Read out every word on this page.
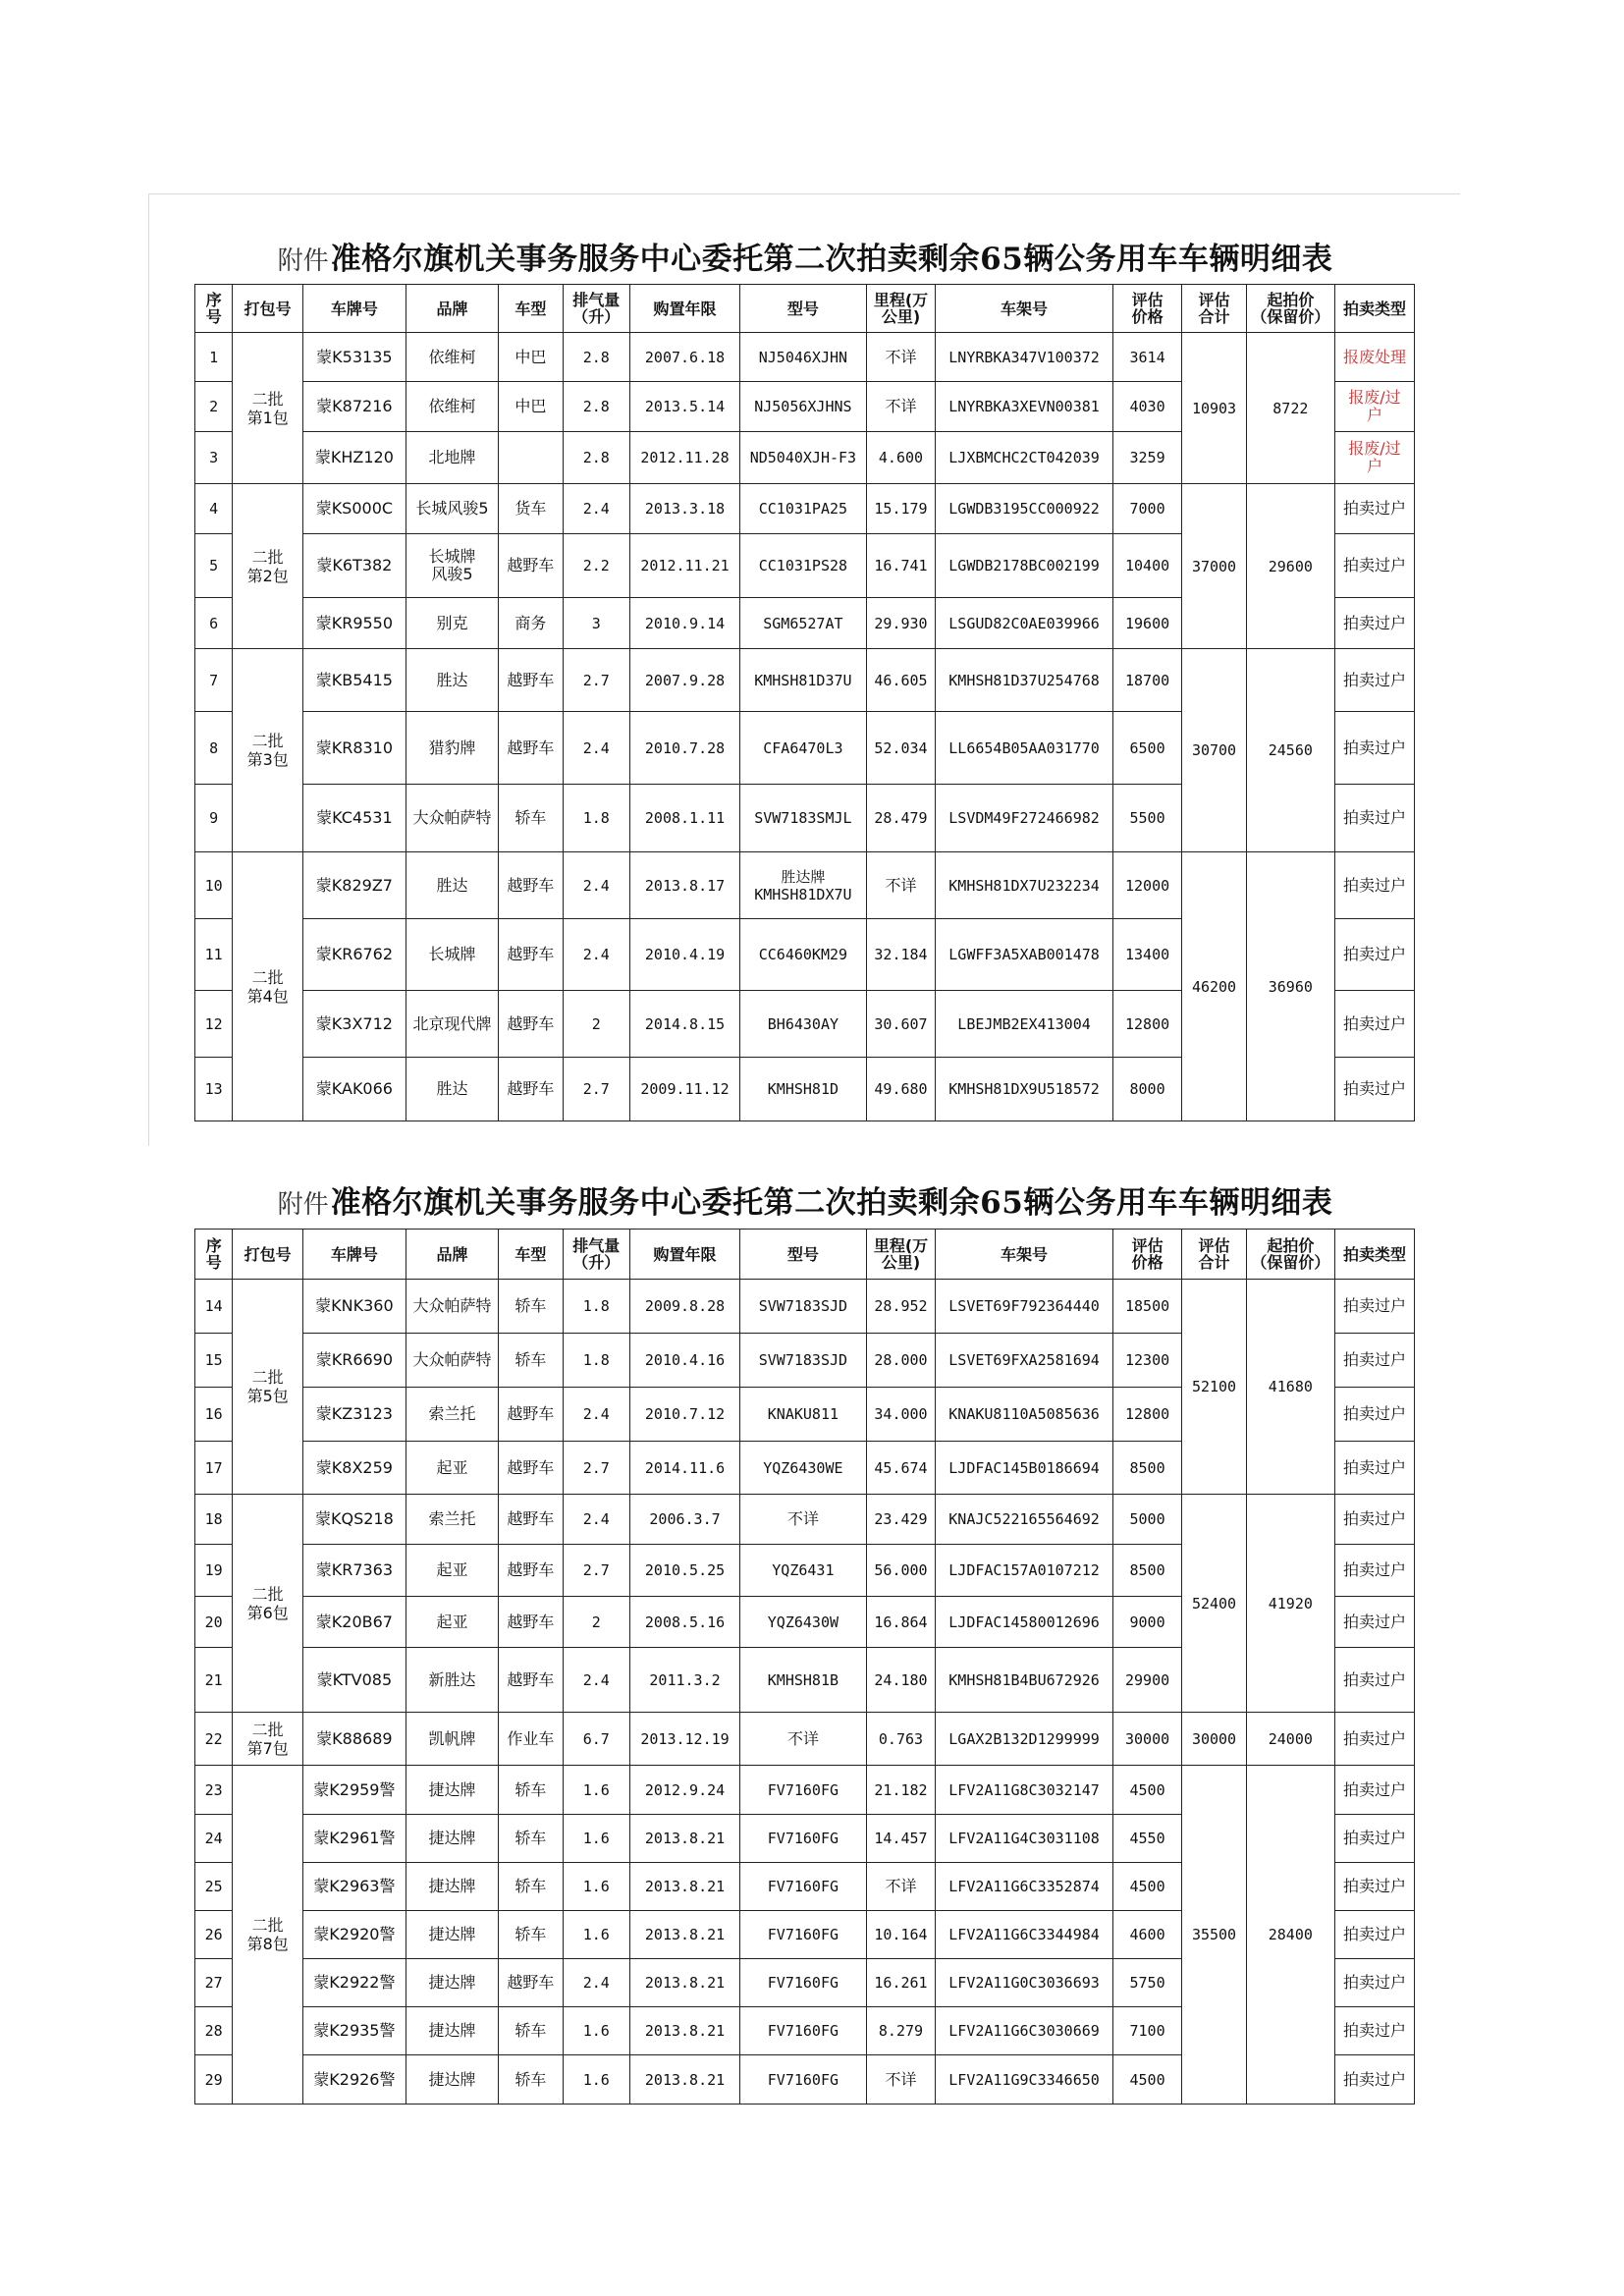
附件准格尔旗机关事务服务中心委托第二次拍卖剩余65辆公务用车车辆明细表
序
号	打包号	车牌号	品牌	车型	排气量
（升）	购置年限	型号	里程(万
公里)	车架号	评估
价格	评估
合计	起拍价
（保留价）	拍卖类型
1	二批
第1包	蒙K53135	依维柯	中巴	2.8	2007.6.18	NJ5046XJHN	不详	LNYRBKA347V100372	3614	10903	8722	报废处理
2		蒙K87216	依维柯	中巴	2.8	2013.5.14	NJ5056XJHNS	不详	LNYRBKA3XEVN00381	4030			报废/过
户
3		蒙KHZ120	北地牌		2.8	2012.11.28	ND5040XJH-F3	4.600	LJXBMCHC2CT042039	3259			报废/过
户
4	二批
第2包	蒙KS000C	长城风骏5	货车	2.4	2013.3.18	CC1031PA25	15.179	LGWDB3195CC000922	7000	37000	29600	拍卖过户
5		蒙K6T382	长城牌
风骏5	越野车	2.2	2012.11.21	CC1031PS28	16.741	LGWDB2178BC002199	10400			拍卖过户
6		蒙KR9550	别克	商务	3	2010.9.14	SGM6527AT	29.930	LSGUD82C0AE039966	19600			拍卖过户
7	二批
第3包	蒙KB5415	胜达	越野车	2.7	2007.9.28	KMHSH81D37U	46.605	KMHSH81D37U254768	18700	30700	24560	拍卖过户
8		蒙KR8310	猎豹牌	越野车	2.4	2010.7.28	CFA6470L3	52.034	LL6654B05AA031770	6500			拍卖过户
9		蒙KC4531	大众帕萨特	轿车	1.8	2008.1.11	SVW7183SMJL	28.479	LSVDM49F272466982	5500			拍卖过户
10	二批
第4包	蒙K829Z7	胜达	越野车	2.4	2013.8.17	胜达牌
KMHSH81DX7U	不详	KMHSH81DX7U232234	12000	46200	36960	拍卖过户
11		蒙KR6762	长城牌	越野车	2.4	2010.4.19	CC6460KM29	32.184	LGWFF3A5XAB001478	13400			拍卖过户
12		蒙K3X712	北京现代牌	越野车	2	2014.8.15	BH6430AY	30.607	LBEJMB2EX413004	12800			拍卖过户
13		蒙KAK066	胜达	越野车	2.7	2009.11.12	KMHSH81D	49.680	KMHSH81DX9U518572	8000			拍卖过户
附件准格尔旗机关事务服务中心委托第二次拍卖剩余65辆公务用车车辆明细表
序
号	打包号	车牌号	品牌	车型	排气量
（升）	购置年限	型号	里程(万
公里)	车架号	评估
价格	评估
合计	起拍价
（保留价）	拍卖类型
14	二批
第5包	蒙KNK360	大众帕萨特	轿车	1.8	2009.8.28	SVW7183SJD	28.952	LSVET69F792364440	18500	52100	41680	拍卖过户
15		蒙KR6690	大众帕萨特	轿车	1.8	2010.4.16	SVW7183SJD	28.000	LSVET69FXA2581694	12300			拍卖过户
16		蒙KZ3123	索兰托	越野车	2.4	2010.7.12	KNAKU811	34.000	KNAKU8110A5085636	12800			拍卖过户
17		蒙K8X259	起亚	越野车	2.7	2014.11.6	YQZ6430WE	45.674	LJDFAC145B0186694	8500			拍卖过户
18	二批
第6包	蒙KQS218	索兰托	越野车	2.4	2006.3.7	不详	23.429	KNAJC522165564692	5000	52400	41920	拍卖过户
19		蒙KR7363	起亚	越野车	2.7	2010.5.25	YQZ6431	56.000	LJDFAC157A0107212	8500			拍卖过户
20		蒙K20B67	起亚	越野车	2	2008.5.16	YQZ6430W	16.864	LJDFAC14580012696	9000			拍卖过户
21		蒙KTV085	新胜达	越野车	2.4	2011.3.2	KMHSH81B	24.180	KMHSH81B4BU672926	29900			拍卖过户
22	二批
第7包	蒙K88689	凯帆牌	作业车	6.7	2013.12.19	不详	0.763	LGAX2B132D1299999	30000	30000	24000	拍卖过户
23	二批
第8包	蒙K2959警	捷达牌	轿车	1.6	2012.9.24	FV7160FG	21.182	LFV2A11G8C3032147	4500	35500	28400	拍卖过户
24		蒙K2961警	捷达牌	轿车	1.6	2013.8.21	FV7160FG	14.457	LFV2A11G4C3031108	4550			拍卖过户
25		蒙K2963警	捷达牌	轿车	1.6	2013.8.21	FV7160FG	不详	LFV2A11G6C3352874	4500			拍卖过户
26		蒙K2920警	捷达牌	轿车	1.6	2013.8.21	FV7160FG	10.164	LFV2A11G6C3344984	4600			拍卖过户
27		蒙K2922警	捷达牌	越野车	2.4	2013.8.21	FV7160FG	16.261	LFV2A11G0C3036693	5750			拍卖过户
28		蒙K2935警	捷达牌	轿车	1.6	2013.8.21	FV7160FG	8.279	LFV2A11G6C3030669	7100			拍卖过户
29		蒙K2926警	捷达牌	轿车	1.6	2013.8.21	FV7160FG	不详	LFV2A11G9C3346650	4500			拍卖过户
